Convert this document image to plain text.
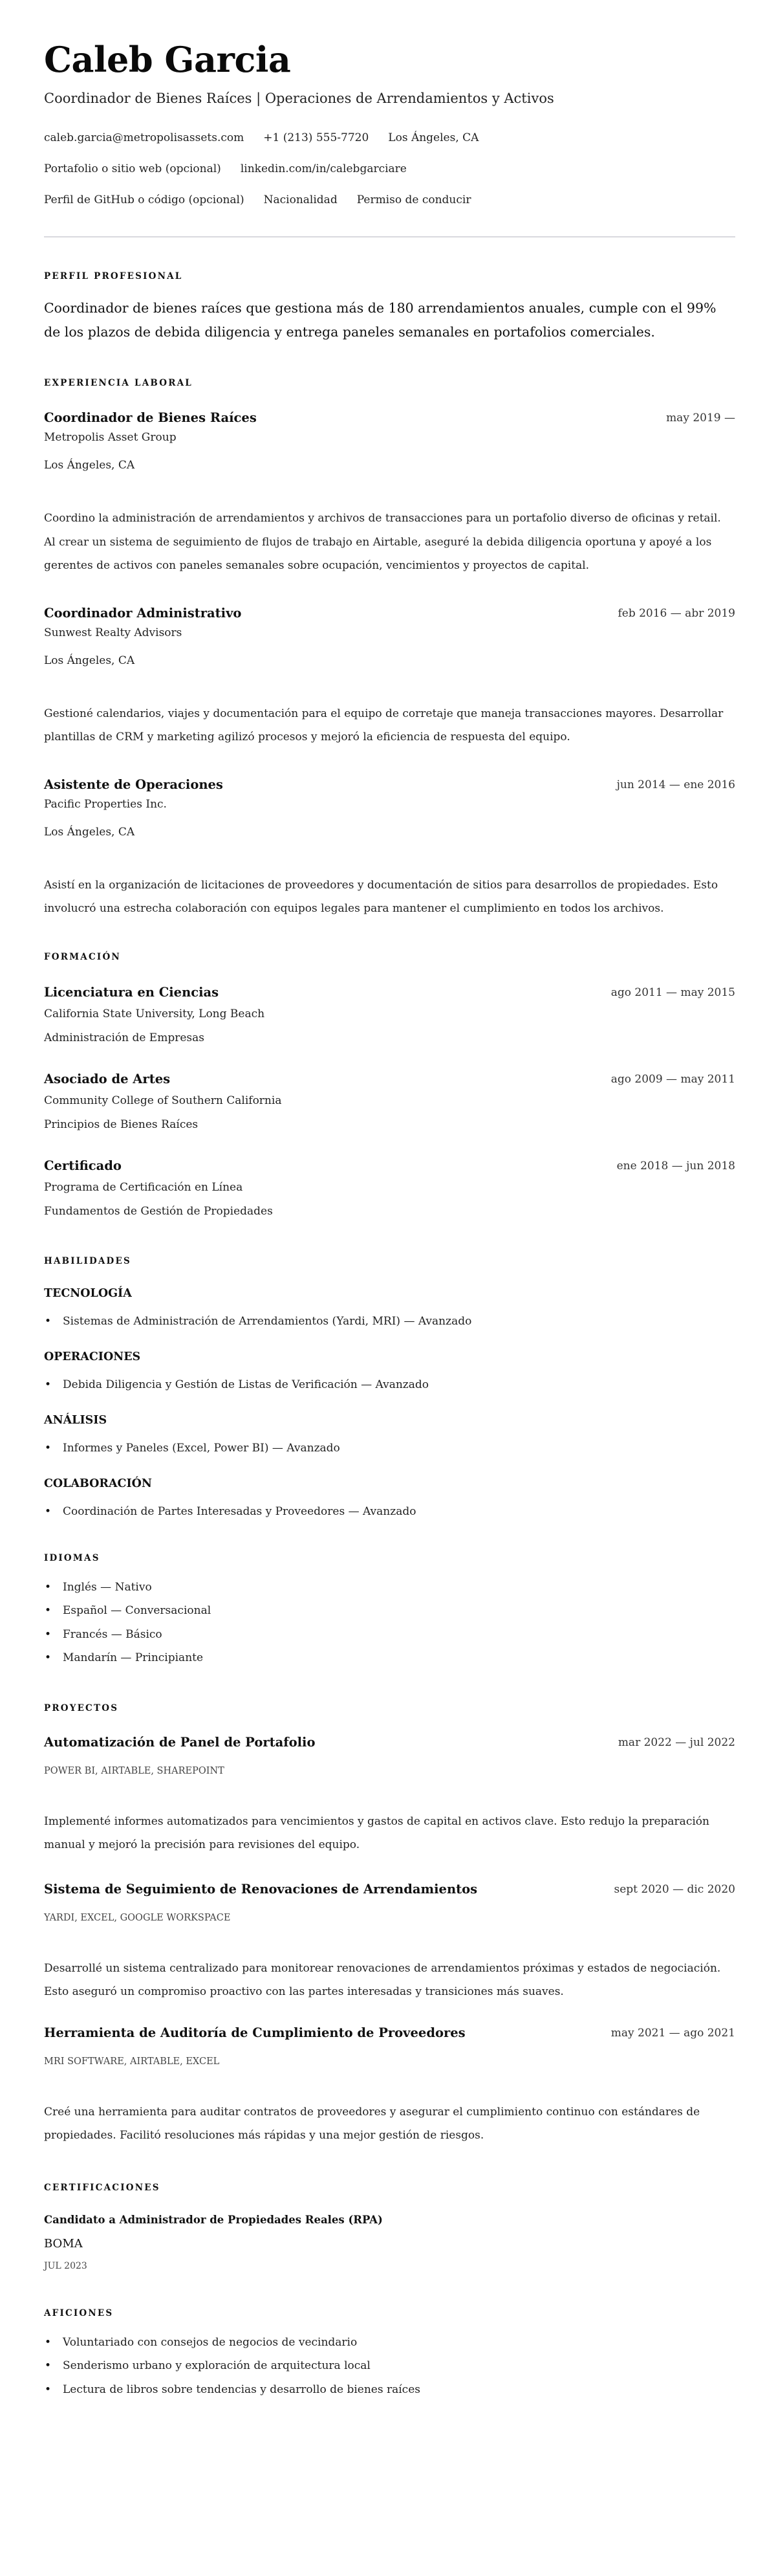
Caleb Garcia
Coordinador de Bienes Raíces | Operaciones de Arrendamientos y Activos
caleb.garcia@metropolisassets.com +1 (213) 555-7720 Los Ángeles, CA
Portafolio o sitio web (opcional) linkedin.com/in/calebgarciare
Perfil de GitHub o código (opcional) Nacionalidad Permiso de conducir
PERFIL PROFESIONAL

Coordinador de bienes raíces que gestiona más de 180 arrendamientos anuales, cumple con el 99% de los plazos de debida diligencia y entrega paneles semanales en portafolios comerciales.

EXPERIENCIA LABORAL
Coordinador de Bienes Raíces	may 2019 —
Metropolis Asset Group
Los Ángeles, CA

Coordino la administración de arrendamientos y archivos de transacciones para un portafolio diverso de oficinas y retail. Al crear un sistema de seguimiento de flujos de trabajo en Airtable, aseguré la debida diligencia oportuna y apoyé a los gerentes de activos con paneles semanales sobre ocupación, vencimientos y proyectos de capital.

Coordinador Administrativo	feb 2016 — abr 2019
Sunwest Realty Advisors
Los Ángeles, CA

Gestioné calendarios, viajes y documentación para el equipo de corretaje que maneja transacciones mayores. Desarrollar plantillas de CRM y marketing agilizó procesos y mejoró la eficiencia de respuesta del equipo.

Asistente de Operaciones	jun 2014 — ene 2016
Pacific Properties Inc.
Los Ángeles, CA

Asistí en la organización de licitaciones de proveedores y documentación de sitios para desarrollos de propiedades. Esto involucró una estrecha colaboración con equipos legales para mantener el cumplimiento en todos los archivos.

FORMACIÓN
Licenciatura en Ciencias	ago 2011 — may 2015
California State University, Long Beach
Administración de Empresas
Asociado de Artes	ago 2009 — may 2011
Community College of Southern California
Principios de Bienes Raíces
Certificado	ene 2018 — jun 2018
Programa de Certificación en Línea
Fundamentos de Gestión de Propiedades
HABILIDADES
TECNOLOGÍA
• Sistemas de Administración de Arrendamientos (Yardi, MRI) — Avanzado
OPERACIONES
• Debida Diligencia y Gestión de Listas de Verificación — Avanzado
ANÁLISIS
• Informes y Paneles (Excel, Power BI) — Avanzado
COLABORACIÓN
• Coordinación de Partes Interesadas y Proveedores — Avanzado
IDIOMAS
• Inglés — Nativo
• Español — Conversacional
• Francés — Básico
• Mandarín — Principiante
PROYECTOS
Automatización de Panel de Portafolio	mar 2022 — jul 2022
POWER BI, AIRTABLE, SHAREPOINT

Implementé informes automatizados para vencimientos y gastos de capital en activos clave. Esto redujo la preparación manual y mejoró la precisión para revisiones del equipo.

Sistema de Seguimiento de Renovaciones de Arrendamientos	sept 2020 — dic 2020
YARDI, EXCEL, GOOGLE WORKSPACE

Desarrollé un sistema centralizado para monitorear renovaciones de arrendamientos próximas y estados de negociación. Esto aseguró un compromiso proactivo con las partes interesadas y transiciones más suaves.

Herramienta de Auditoría de Cumplimiento de Proveedores	may 2021 — ago 2021
MRI SOFTWARE, AIRTABLE, EXCEL

Creé una herramienta para auditar contratos de proveedores y asegurar el cumplimiento continuo con estándares de propiedades. Facilitó resoluciones más rápidas y una mejor gestión de riesgos.

CERTIFICACIONES
Candidato a Administrador de Propiedades Reales (RPA)
BOMA
JUL 2023
AFICIONES
• Voluntariado con consejos de negocios de vecindario
• Senderismo urbano y exploración de arquitectura local
• Lectura de libros sobre tendencias y desarrollo de bienes raíces
